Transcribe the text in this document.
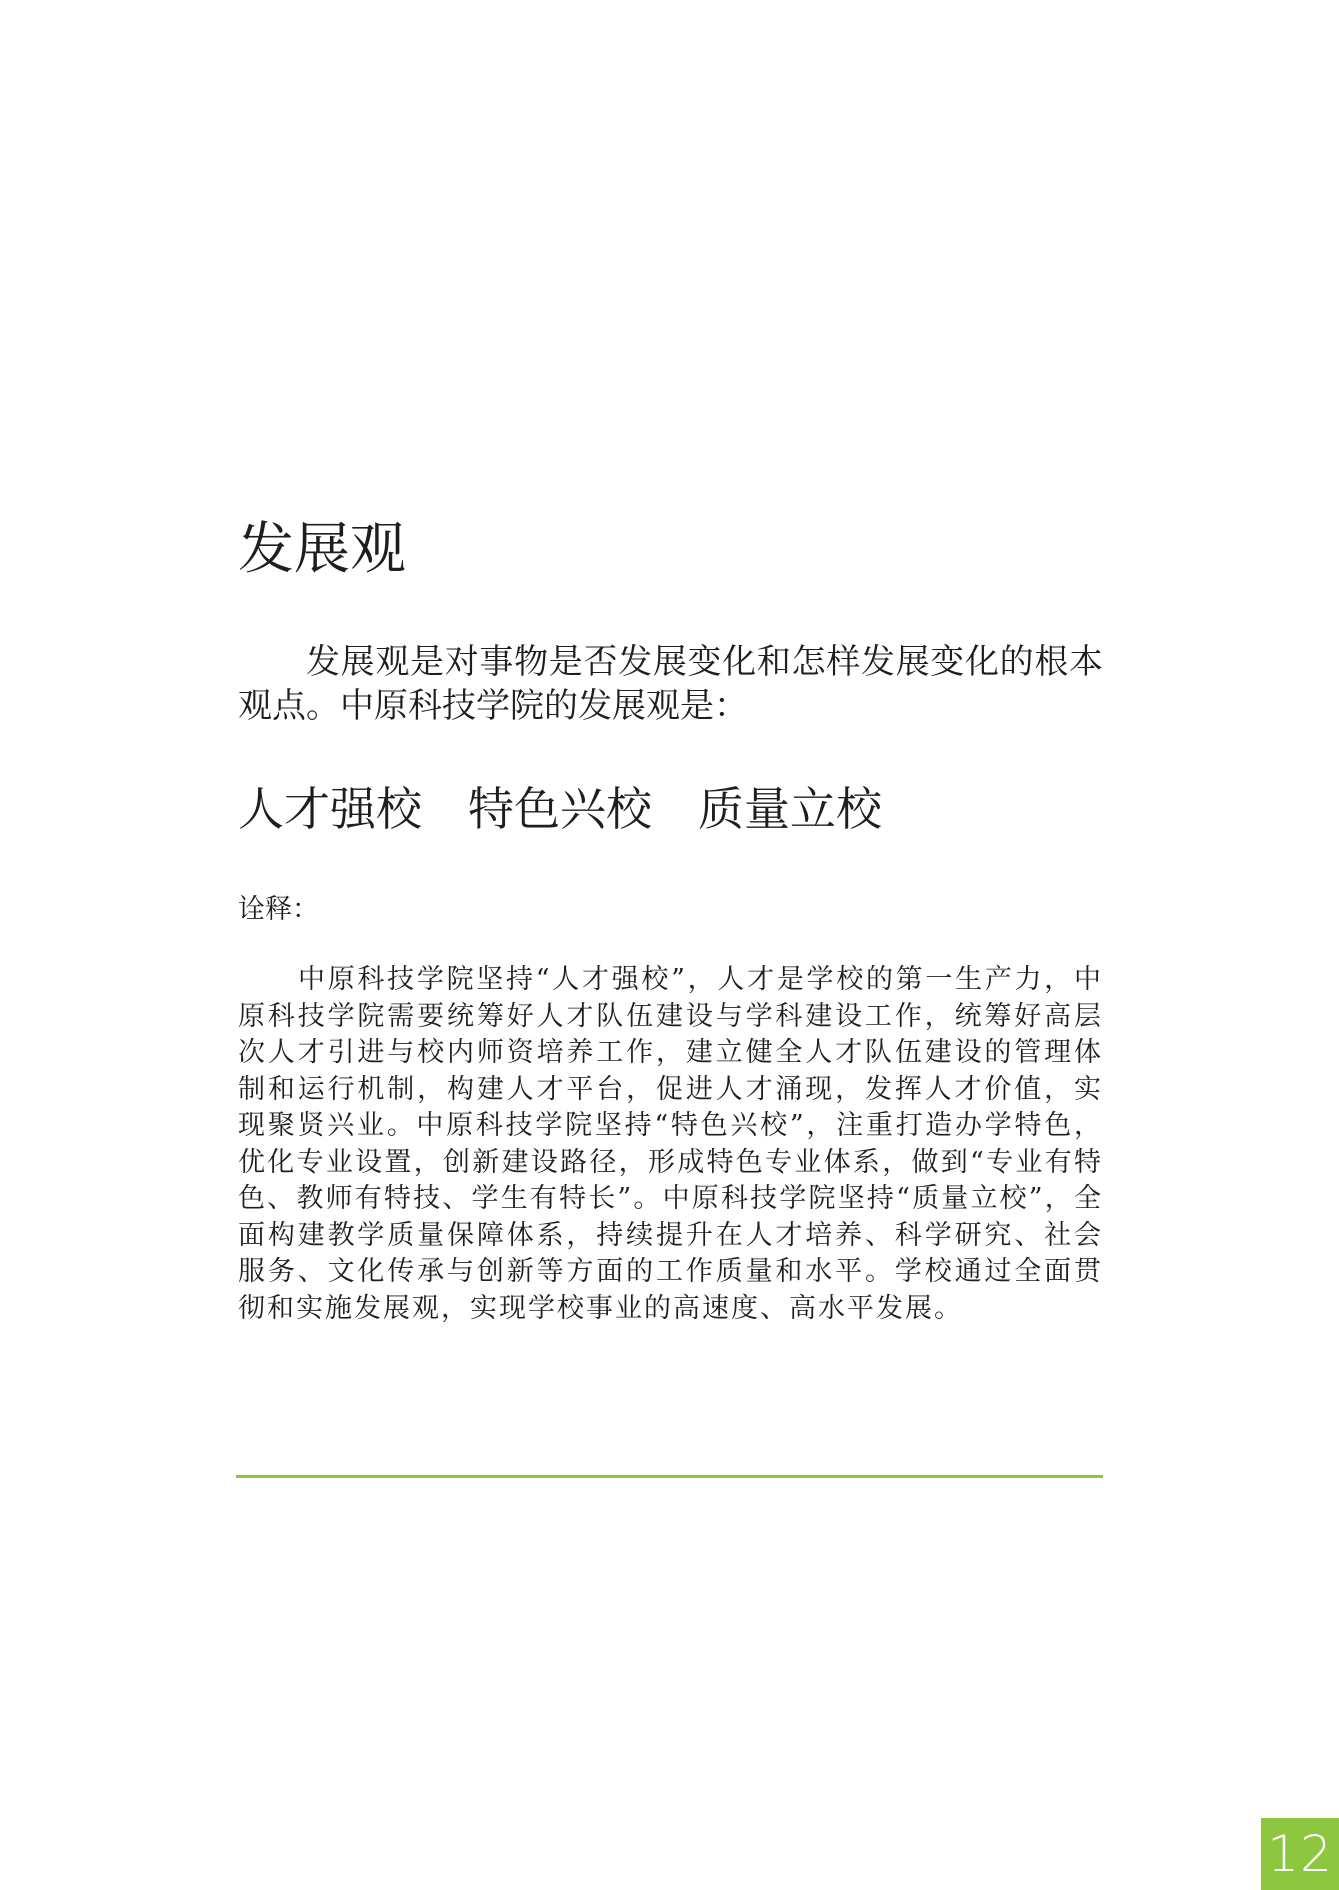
发展观

发展观是对事物是否发展变化和怎样发展变化的根本观点。中原科技学院的发展观是：

人才强校　特色兴校　质量立校

诠释：

中原科技学院坚持“人才强校”，人才是学校的第一生产力，中原科技学院需要统筹好人才队伍建设与学科建设工作，统筹好高层次人才引进与校内师资培养工作，建立健全人才队伍建设的管理体制和运行机制，构建人才平台，促进人才涌现，发挥人才价值，实现聚贤兴业。中原科技学院坚持“特色兴校”，注重打造办学特色，优化专业设置，创新建设路径，形成特色专业体系，做到“专业有特色、教师有特技、学生有特长”。中原科技学院坚持“质量立校”，全面构建教学质量保障体系，持续提升在人才培养、科学研究、社会服务、文化传承与创新等方面的工作质量和水平。学校通过全面贯彻和实施发展观，实现学校事业的高速度、高水平发展。

12
